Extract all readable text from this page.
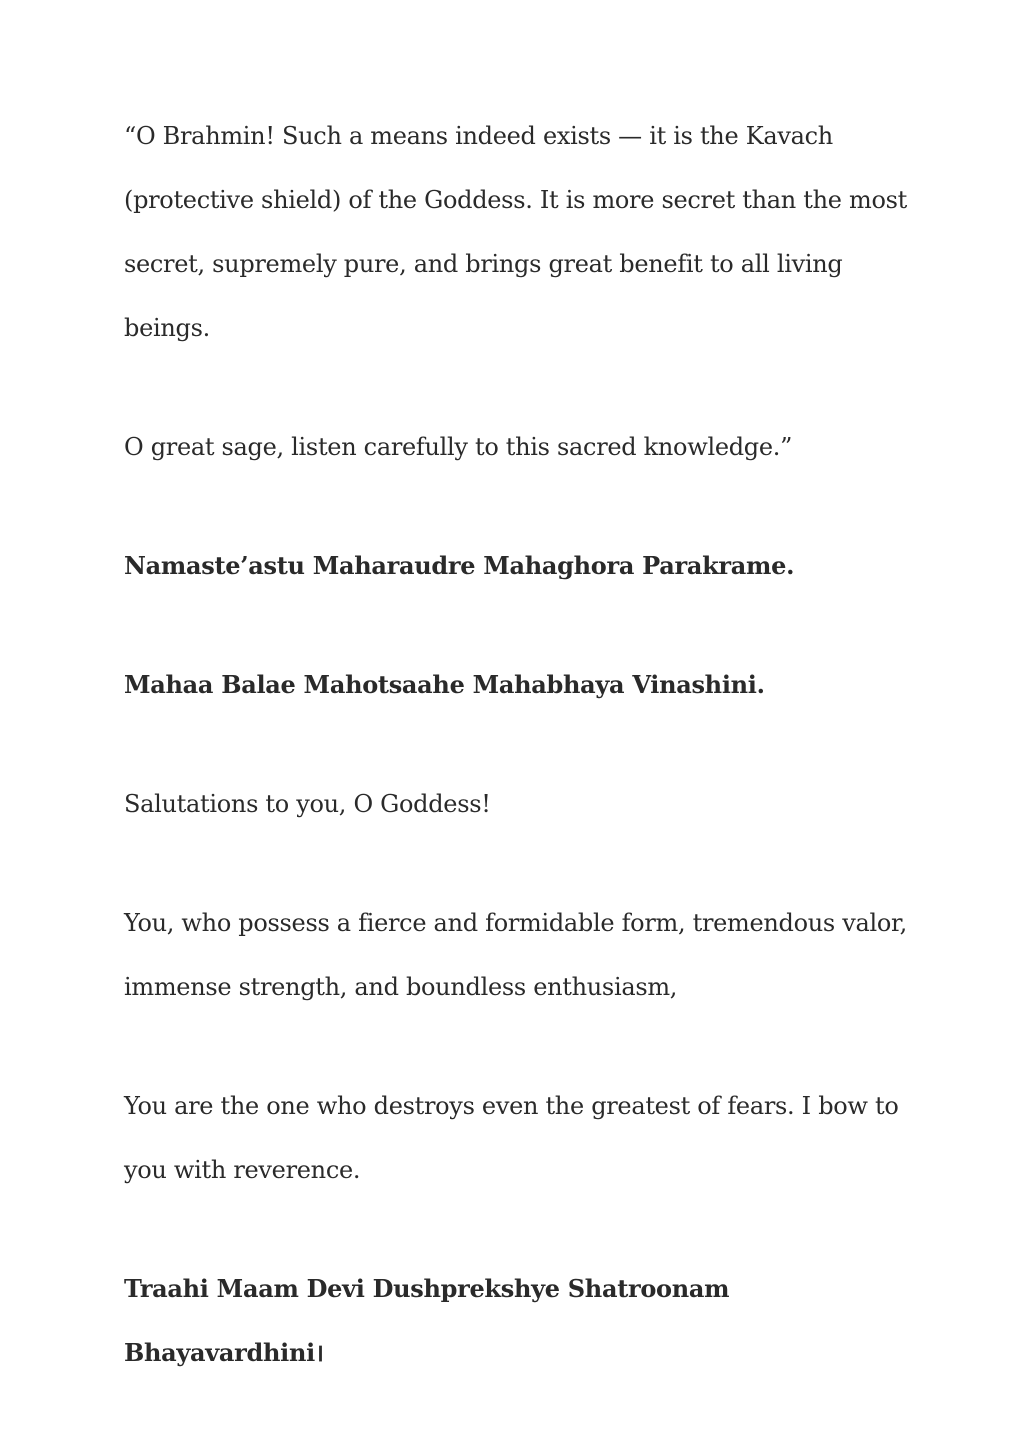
“O Brahmin! Such a means indeed exists — it is the Kavach (protective shield) of the Goddess. It is more secret than the most secret, supremely pure, and brings great benefit to all living beings.

O great sage, listen carefully to this sacred knowledge.”

Namaste’astu Maharaudre Mahaghora Parakrame.

Mahaa Balae Mahotsaahe Mahabhaya Vinashini.

Salutations to you, O Goddess!

You, who possess a fierce and formidable form, tremendous valor, immense strength, and boundless enthusiasm,

You are the one who destroys even the greatest of fears. I bow to you with reverence.

Traahi Maam Devi Dushprekshye Shatroonam Bhayavardhini।
